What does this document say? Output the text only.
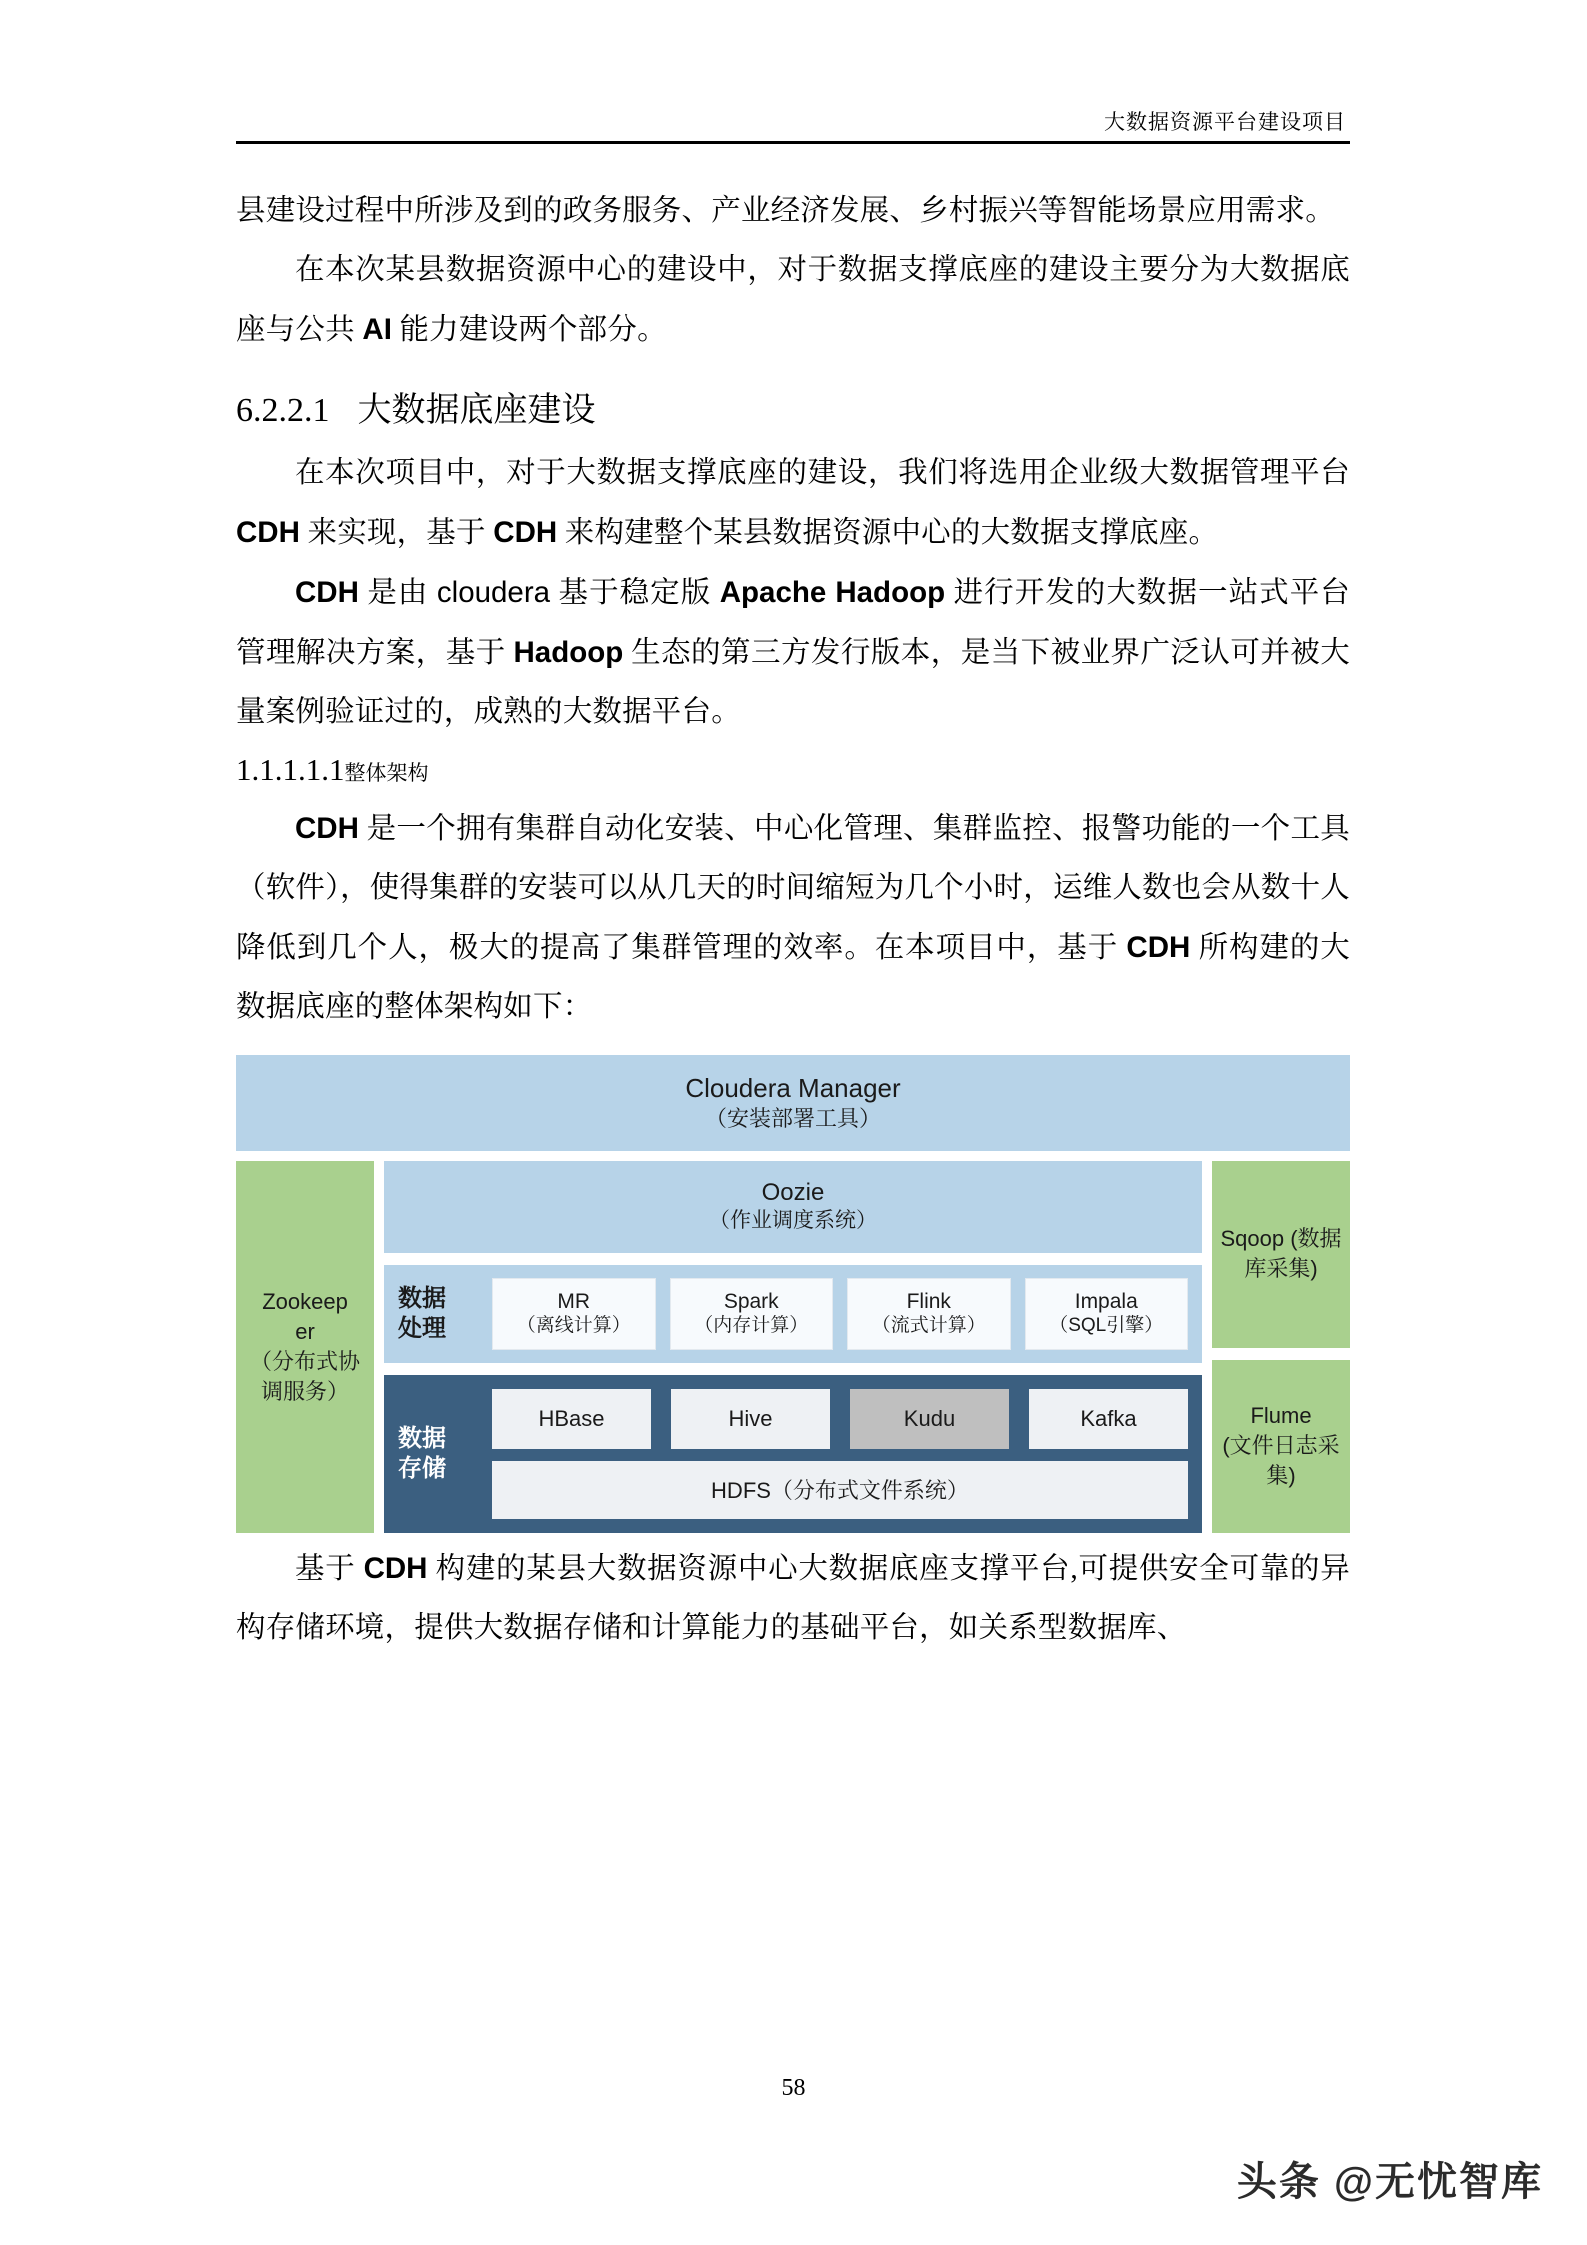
大数据资源平台建设项目

县建设过程中所涉及到的政务服务、产业经济发展、乡村振兴等智能场景应用需求。

在本次某县数据资源中心的建设中，对于数据支撑底座的建设主要分为大数据底座与公共 AI 能力建设两个部分。

6.2.2.1 大数据底座建设

在本次项目中，对于大数据支撑底座的建设，我们将选用企业级大数据管理平台 CDH 来实现，基于 CDH 来构建整个某县数据资源中心的大数据支撑底座。

CDH 是由 cloudera 基于稳定版 Apache Hadoop 进行开发的大数据一站式平台管理解决方案，基于 Hadoop 生态的第三方发行版本，是当下被业界广泛认可并被大量案例验证过的，成熟的大数据平台。

1.1.1.1.1整体架构

CDH 是一个拥有集群自动化安装、中心化管理、集群监控、报警功能的一个工具（软件），使得集群的安装可以从几天的时间缩短为几个小时，运维人数也会从数十人降低到几个人，极大的提高了集群管理的效率。在本项目中，基于 CDH 所构建的大数据底座的整体架构如下：

Cloudera Manager
（安装部署工具）
Zookeep
er
（分布式协调服务）
Oozie
（作业调度系统）
数据
处理
MR
（离线计算）
Spark
（内存计算）
Flink
（流式计算）
Impala
（SQL引擎）
数据
存储
HBase	Hive	Kudu	Kafka
HDFS（分布式文件系统）
Sqoop (数据库采集)
Flume
(文件日志采集)

基于 CDH 构建的某县大数据资源中心大数据底座支撑平台,可提供安全可靠的异构存储环境，提供大数据存储和计算能力的基础平台，如关系型数据库、

58
头条 @无忧智库
